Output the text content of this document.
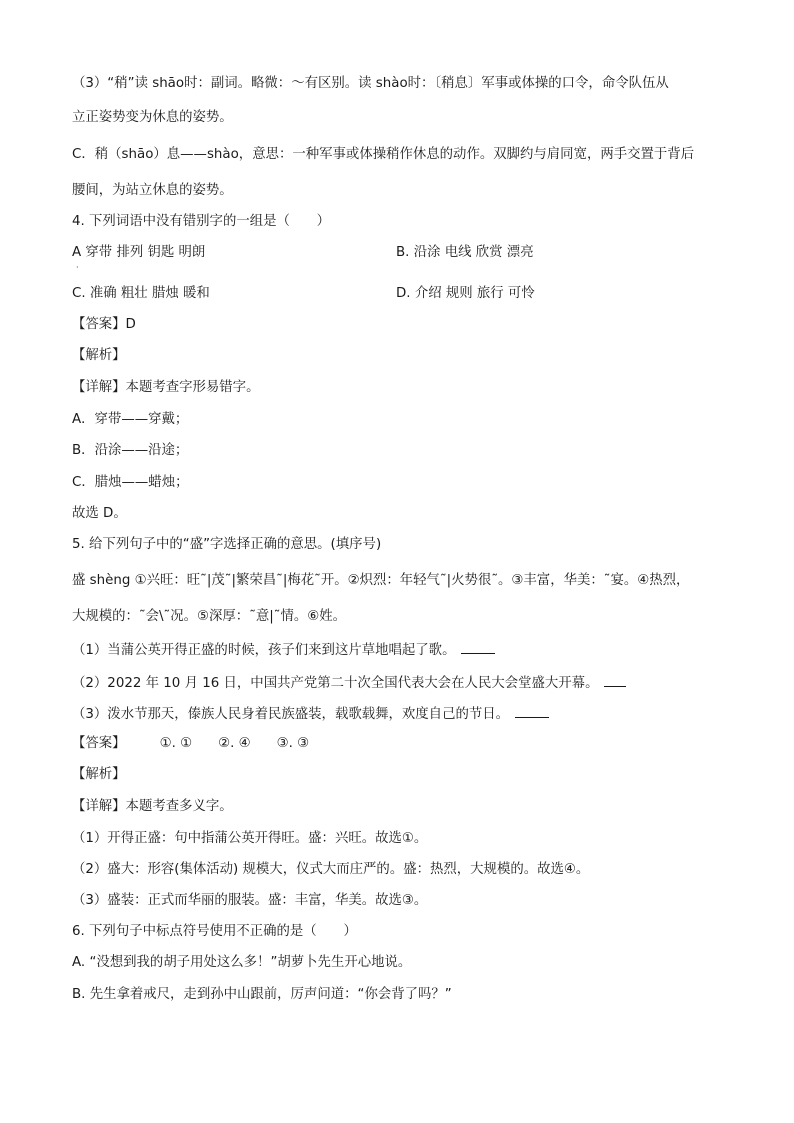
（3）“稍”读 shāo时：副词。略微：～有区别。读 shào时：〔稍息〕军事或体操的口令，命令队伍从
立正姿势变为休息的姿势。
C．稍（shāo）息——shào，意思：一种军事或体操稍作休息的动作。双脚约与肩同宽，两手交置于背后
腰间，为站立休息的姿势。
4. 下列词语中没有错别字的一组是（　　）
A 穿带 排列 钥匙 明朗
·
B. 沿涂 电线 欣赏 漂亮
C. 准确 粗壮 腊烛 暖和	D. 介绍 规则 旅行 可怜
【答案】D
【解析】
【详解】本题考查字形易错字。
A．穿带——穿戴；
B．沿涂——沿途；
C．腊烛——蜡烛；
故选 D。
5. 给下列句子中的“盛”字选择正确的意思。(填序号)
盛 shèng ①兴旺：旺˜|茂˜|繁荣昌˜|梅花˜开。②炽烈：年轻气˜|火势很˜。③丰富，华美：˜宴。④热烈，
大规模的：˜会\˜况。⑤深厚：˜意|˜情。⑥姓。
（1）当蒲公英开得正盛的时候，孩子们来到这片草地唱起了歌。
（2）2022 年 10 月 16 日，中国共产党第二十次全国代表大会在人民大会堂盛大开幕。
（3）泼水节那天，傣族人民身着民族盛装，载歌载舞，欢度自己的节日。
【答案】	①. ① ②. ④ ③. ③
【解析】
【详解】本题考查多义字。
（1）开得正盛：句中指蒲公英开得旺。盛：兴旺。故选①。
（2）盛大：形容(集体活动) 规模大，仪式大而庄严的。盛：热烈，大规模的。故选④。
（3）盛装：正式而华丽的服装。盛：丰富，华美。故选③。
6. 下列句子中标点符号使用不正确的是（　　）
A. “没想到我的胡子用处这么多！”胡萝卜先生开心地说。
B. 先生拿着戒尺，走到孙中山跟前，厉声问道：“你会背了吗？”
